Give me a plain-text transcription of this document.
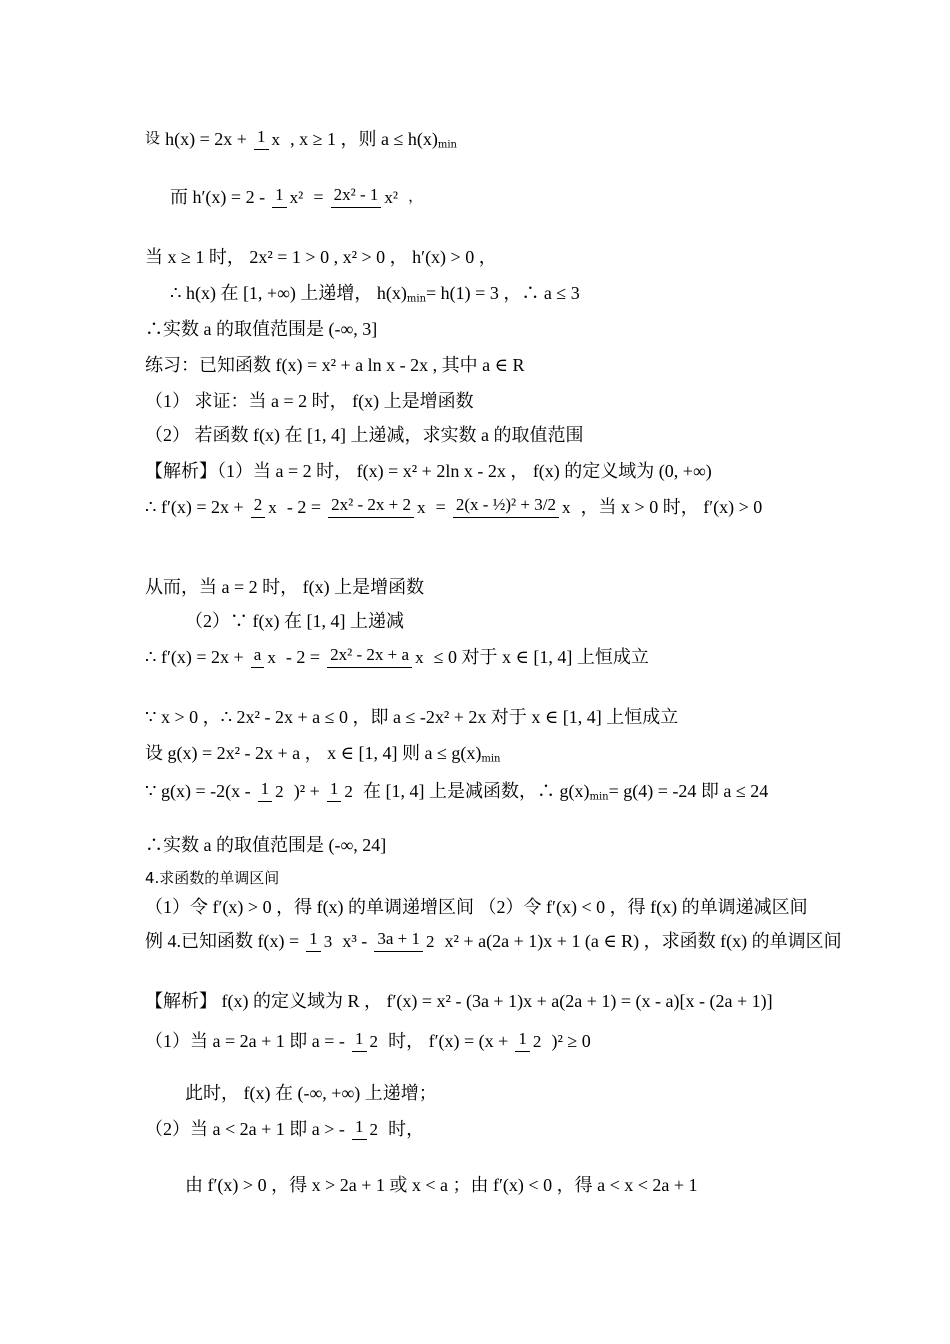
设 h(x) = 2x + 1 x , x ≥ 1 ，则 $a \le h(x)_{min}$
而 h′(x) = 2 - 1 x² = 2x² - 1 x² ，
当 x ≥ 1 时， 2x² = 1 > 0 , x² > 0 ， h′(x) > 0 ，
∴ h(x) 在 [1, +∞) 上递增， $h(x)_{min}= h(1) = 3$ ，∴ a ≤ 3
∴实数 a 的取值范围是 (-∞, 3]
练习：已知函数 f(x) = x² + a ln x - 2x , 其中 a ∈ R
（1） 求证：当 a = 2 时， f(x) 上是增函数
（2） 若函数 f(x) 在 [1, 4] 上递减，求实数 a 的取值范围
【解析】（1）当 a = 2 时， f(x) = x² + 2ln x - 2x ， f(x) 的定义域为 (0, +∞)
∴ f′(x) = 2x + 2 x - 2 = 2x² - 2x + 2 x = 2(x - ½)² + 3/2 x ，当 x > 0 时， f′(x) > 0
从而，当 a = 2 时， f(x) 上是增函数
（2）∵ f(x) 在 [1, 4] 上递减
∴ f′(x) = 2x + a x - 2 = 2x² - 2x + a x ≤ 0 对于 x ∈ [1, 4] 上恒成立
∵ x > 0 ，∴ 2x² - 2x + a ≤ 0 ，即 a ≤ -2x² + 2x 对于 x ∈ [1, 4] 上恒成立
设 g(x) = 2x² - 2x + a ， x ∈ [1, 4] 则 $a \le g(x)_{min}$
∵ g(x) = -2(x - 1 2 )² + 1 2 在 [1, 4] 上是减函数，∴ $g(x)_{min}= g(4) = -24$ 即 a ≤ 24
∴实数 a 的取值范围是 (-∞, 24]
4.求函数的单调区间
（1）令 f′(x) > 0 ，得 f(x) 的单调递增区间 （2）令 f′(x) < 0 ，得 f(x) 的单调递减区间
例 4.已知函数 f(x) = 1 3 x³ - 3a + 1 2 x² + a(2a + 1)x + 1 (a ∈ R) ，求函数 f(x) 的单调区间
【解析】 f(x) 的定义域为 R ， f′(x) = x² - (3a + 1)x + a(2a + 1) = (x - a)[x - (2a + 1)]
（1）当 a = 2a + 1 即 a = - 1 2 时， f′(x) = (x + 1 2 )² ≥ 0
此时， f(x) 在 (-∞, +∞) 上递增；
（2）当 a < 2a + 1 即 a > - 1 2 时，
由 f′(x) > 0 ，得 x > 2a + 1 或 x < a ；由 f′(x) < 0 ，得 a < x < 2a + 1
